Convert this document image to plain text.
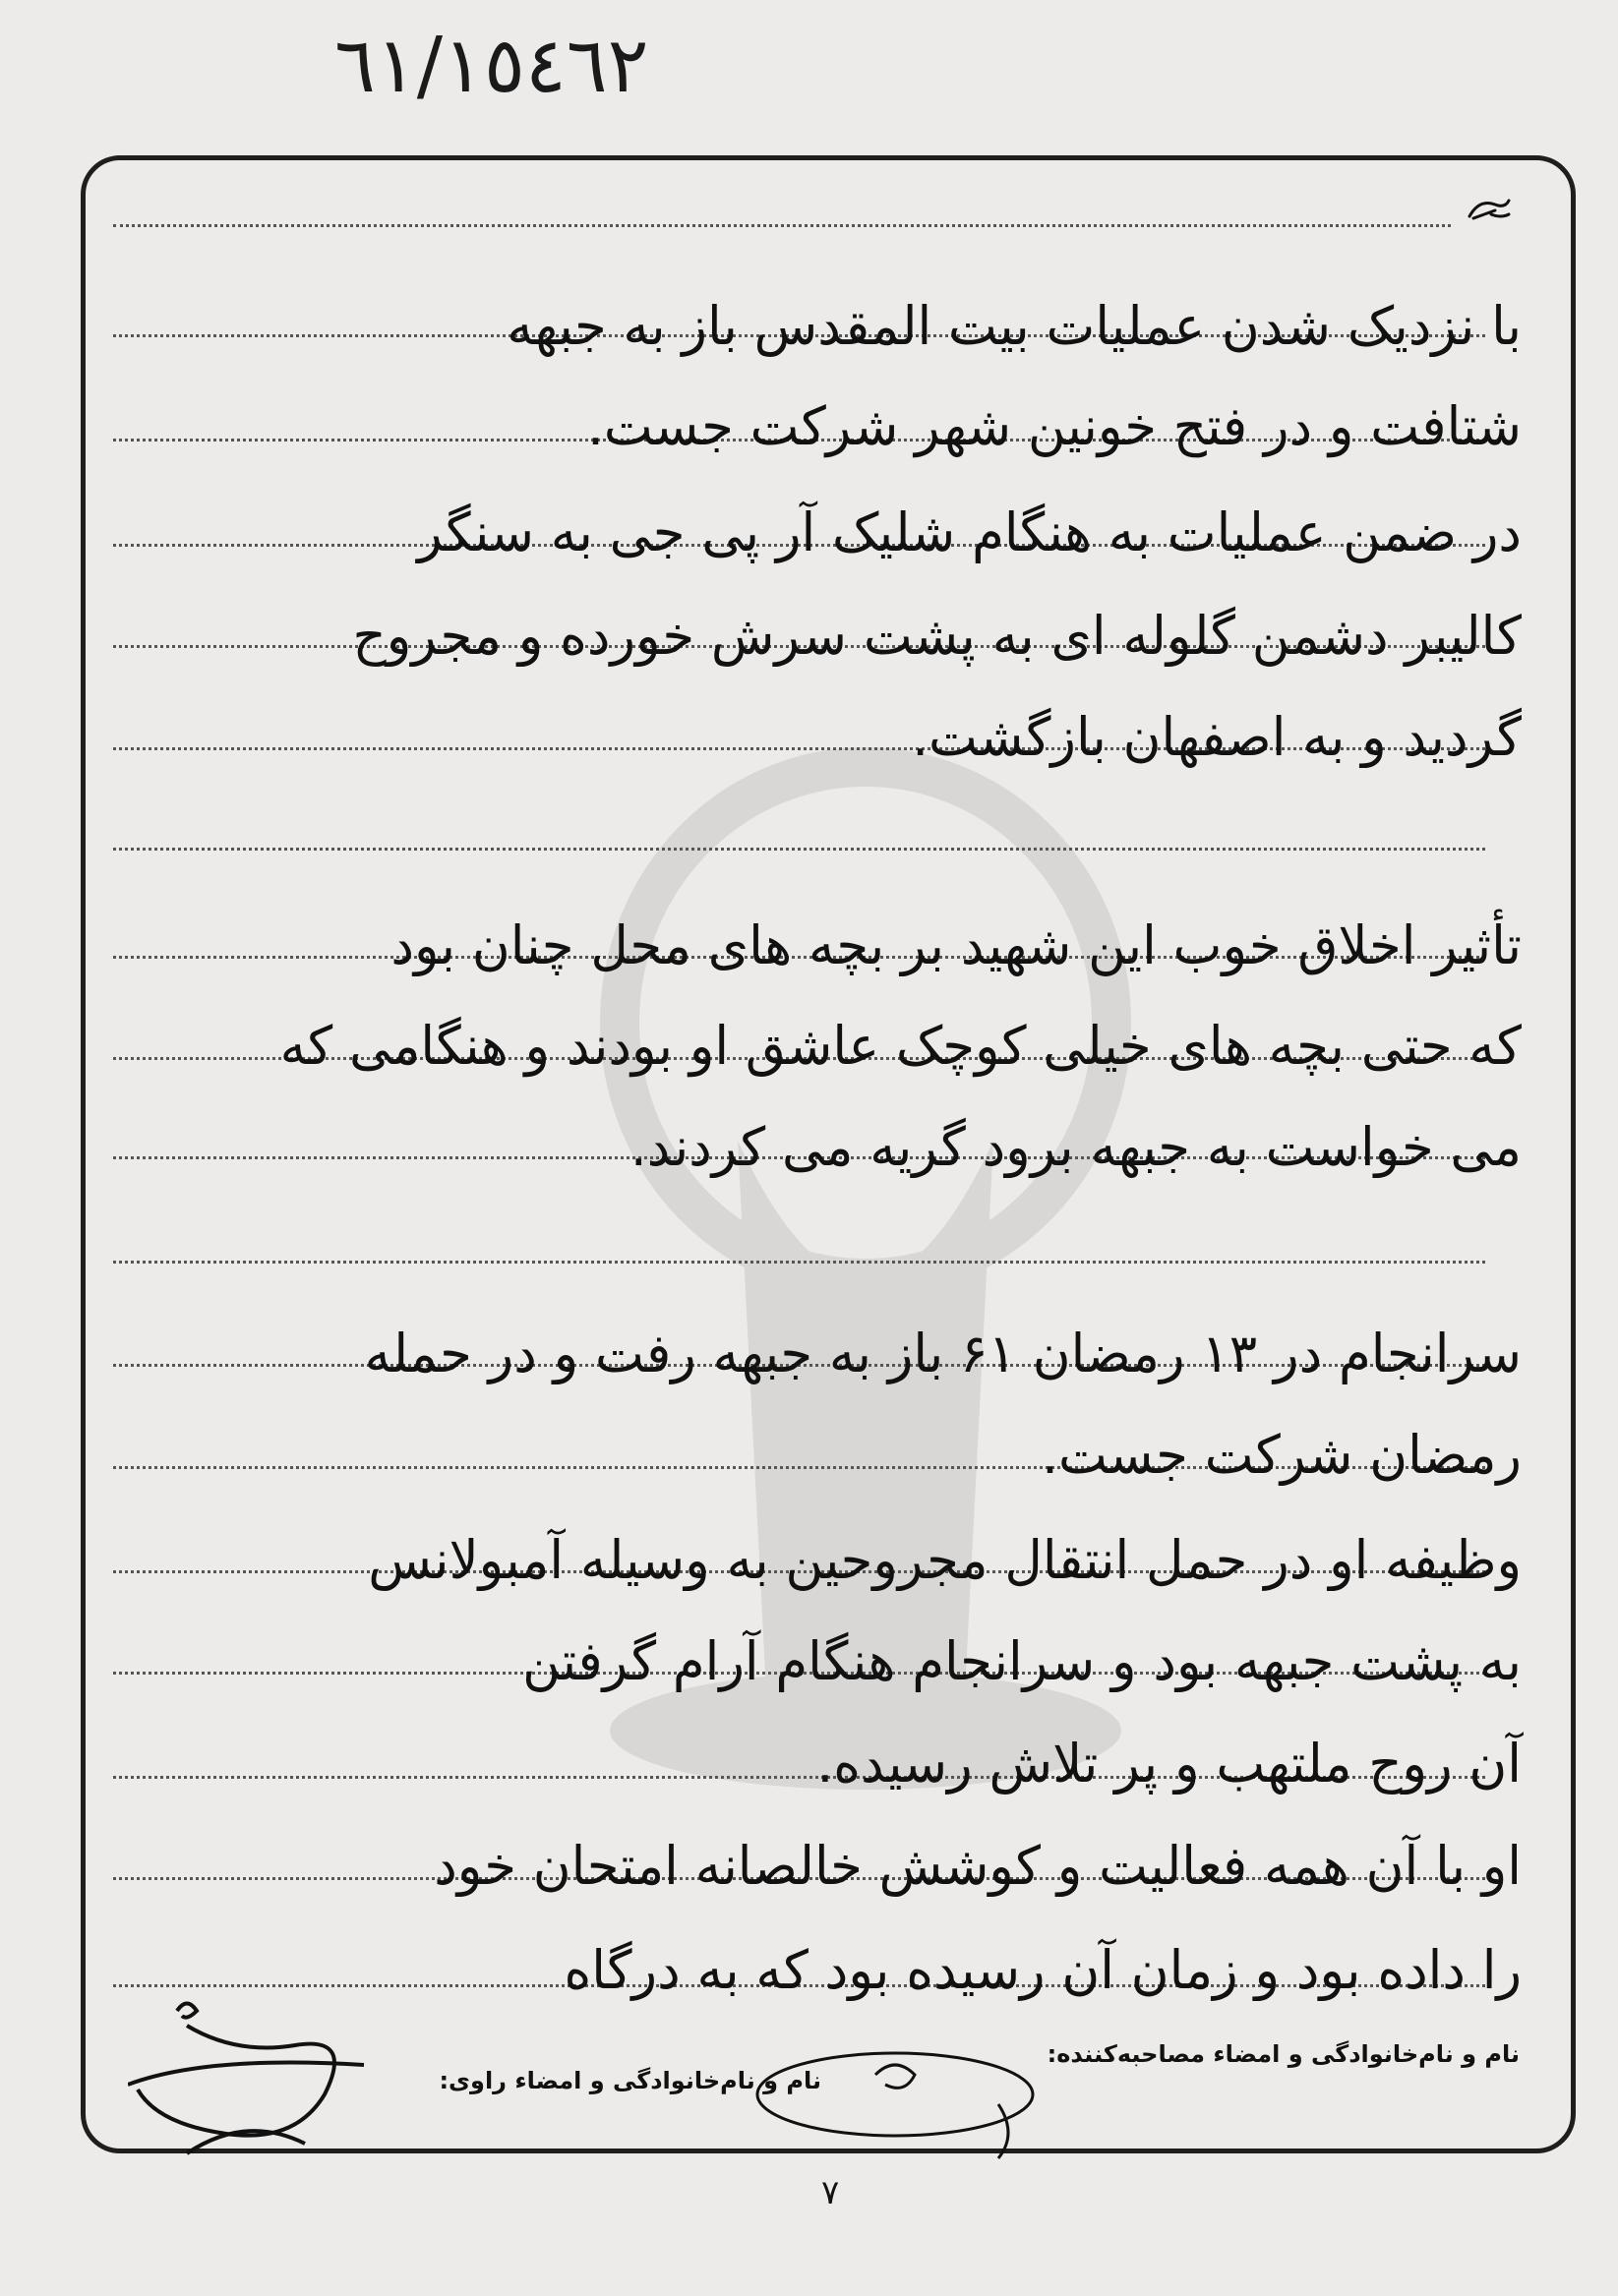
٦١/١٥٤٦٢
با نزدیک شدن عملیات بیت المقدس باز به جبهه
شتافت و در فتح خونین شهر شرکت جست.
در ضمن عملیات به هنگام شلیک آر پی جی به سنگر
کالیبر دشمن گلوله ای به پشت سرش خورده و مجروح
گردید و به اصفهان بازگشت.
تأثیر اخلاق خوب این شهید بر بچه های محل چنان بود
که حتی بچه های خیلی کوچک عاشق او بودند و هنگامی که
می خواست به جبهه برود گریه می کردند.
سرانجام در ۱۳ رمضان ۶۱ باز به جبهه رفت و در حمله
رمضان شرکت جست.
وظیفه او در حمل انتقال مجروحین به وسیله آمبولانس
به پشت جبهه بود و سرانجام هنگام آرام گرفتن
آن روح ملتهب و پر تلاش رسیده.
او با آن همه فعالیت و کوشش خالصانه امتحان خود
را داده بود و زمان آن رسیده بود که به درگاه
نام و نام‌خانوادگی و امضاء مصاحبه‌کننده:
نام و نام‌خانوادگی و امضاء راوی:
۷
